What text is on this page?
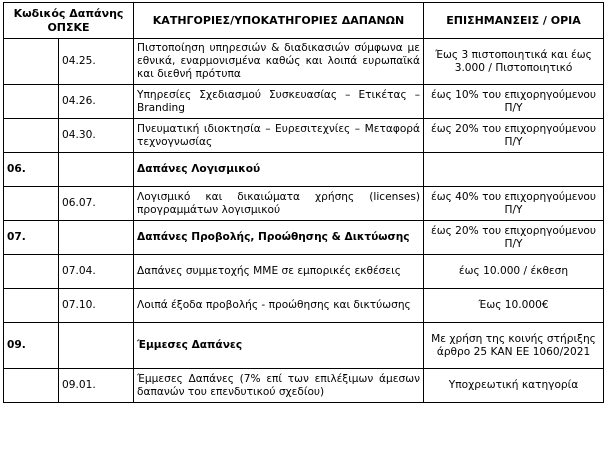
Κωδικός Δαπάνης ΟΠΣΚΕ		ΚΑΤΗΓΟΡΙΕΣ/ΥΠΟΚΑΤΗΓΟΡΙΕΣ ΔΑΠΑΝΩΝ	ΕΠΙΣΗΜΑΝΣΕΙΣ / ΟΡΙΑ
	04.25.	Πιστοποίηση υπηρεσιών & διαδικασιών σύμφωνα με εθνικά, εναρμονισμένα καθώς και λοιπά ευρωπαϊκά και διεθνή πρότυπα	Έως 3 πιστοποιητικά και έως 3.000 / Πιστοποιητικό
	04.26.	Υπηρεσίες Σχεδιασμού Συσκευασίας – Ετικέτας – Branding	έως 10% του επιχορηγούμενου Π/Υ
	04.30.	Πνευματική ιδιοκτησία – Ευρεσιτεχνίες – Μεταφορά τεχνογνωσίας	έως 20% του επιχορηγούμενου Π/Υ
06.		Δαπάνες Λογισμικού	
	06.07.	Λογισμικό και δικαιώματα χρήσης (licenses) προγραμμάτων λογισμικού	έως 40% του επιχορηγούμενου Π/Υ
07.		Δαπάνες Προβολής, Προώθησης & Δικτύωσης	έως 20% του επιχορηγούμενου Π/Υ
	07.04.	Δαπάνες συμμετοχής ΜΜΕ σε εμπορικές εκθέσεις	έως 10.000 / έκθεση
	07.10.	Λοιπά έξοδα προβολής - προώθησης και δικτύωσης	Έως 10.000€
09.		Έμμεσες Δαπάνες	Με χρήση της κοινής στήριξης άρθρο 25 ΚΑΝ ΕΕ 1060/2021
	09.01.	Έμμεσες Δαπάνες (7% επί των επιλέξιμων άμεσων δαπανών του επενδυτικού σχεδίου)	Υποχρεωτική κατηγορία
